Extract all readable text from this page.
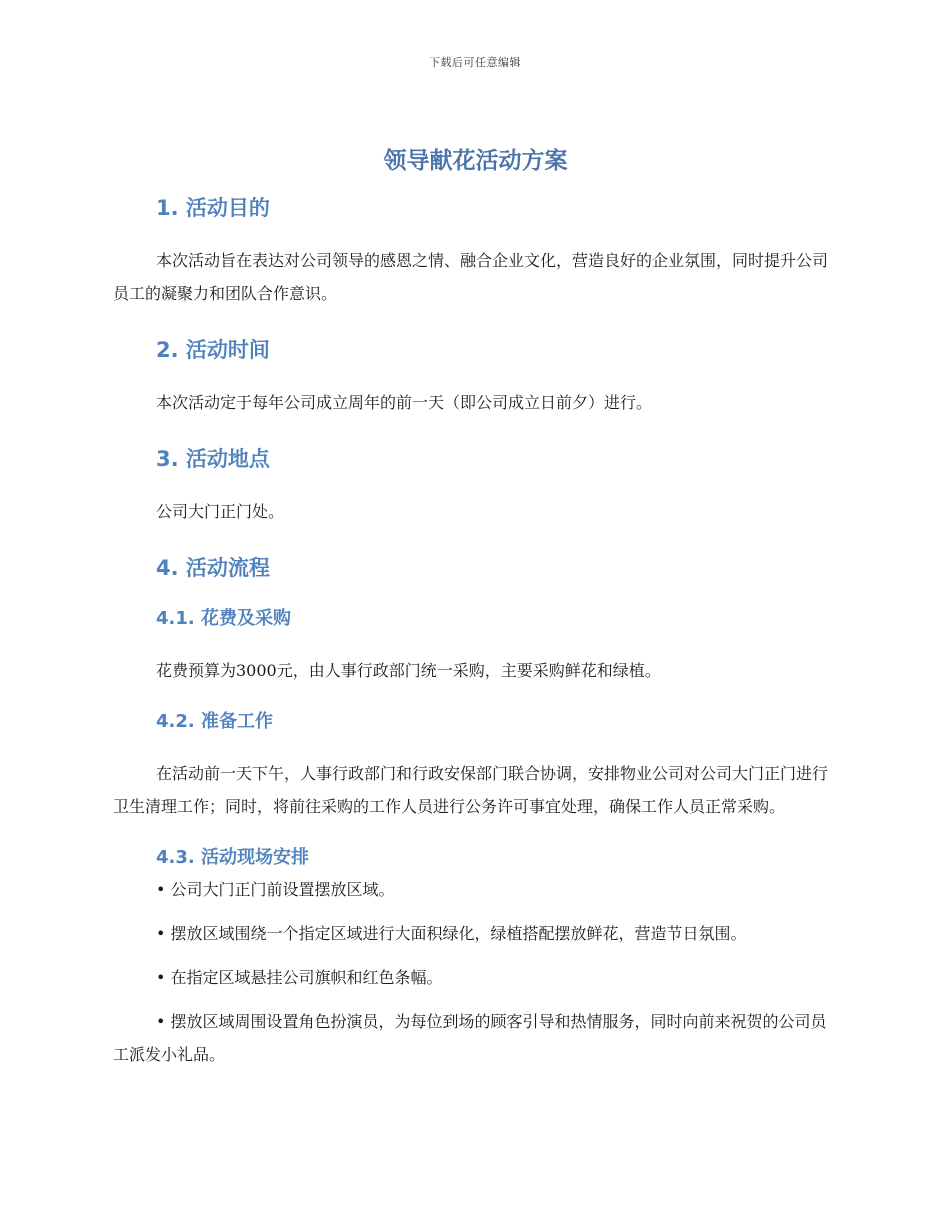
下载后可任意编辑
领导献花活动方案
1. 活动目的

本次活动旨在表达对公司领导的感恩之情、融合企业文化，营造良好的企业氛围，同时提升公司员工的凝聚力和团队合作意识。

2. 活动时间

本次活动定于每年公司成立周年的前一天（即公司成立日前夕）进行。

3. 活动地点

公司大门正门处。

4. 活动流程
4.1. 花费及采购

花费预算为3000元，由人事行政部门统一采购，主要采购鲜花和绿植。

4.2. 准备工作

在活动前一天下午，人事行政部门和行政安保部门联合协调，安排物业公司对公司大门正门进行卫生清理工作；同时，将前往采购的工作人员进行公务许可事宜处理，确保工作人员正常采购。

4.3. 活动现场安排

• 公司大门正门前设置摆放区域。

• 摆放区域围绕一个指定区域进行大面积绿化，绿植搭配摆放鲜花，营造节日氛围。

• 在指定区域悬挂公司旗帜和红色条幅。

• 摆放区域周围设置角色扮演员，为每位到场的顾客引导和热情服务，同时向前来祝贺的公司员工派发小礼品。
